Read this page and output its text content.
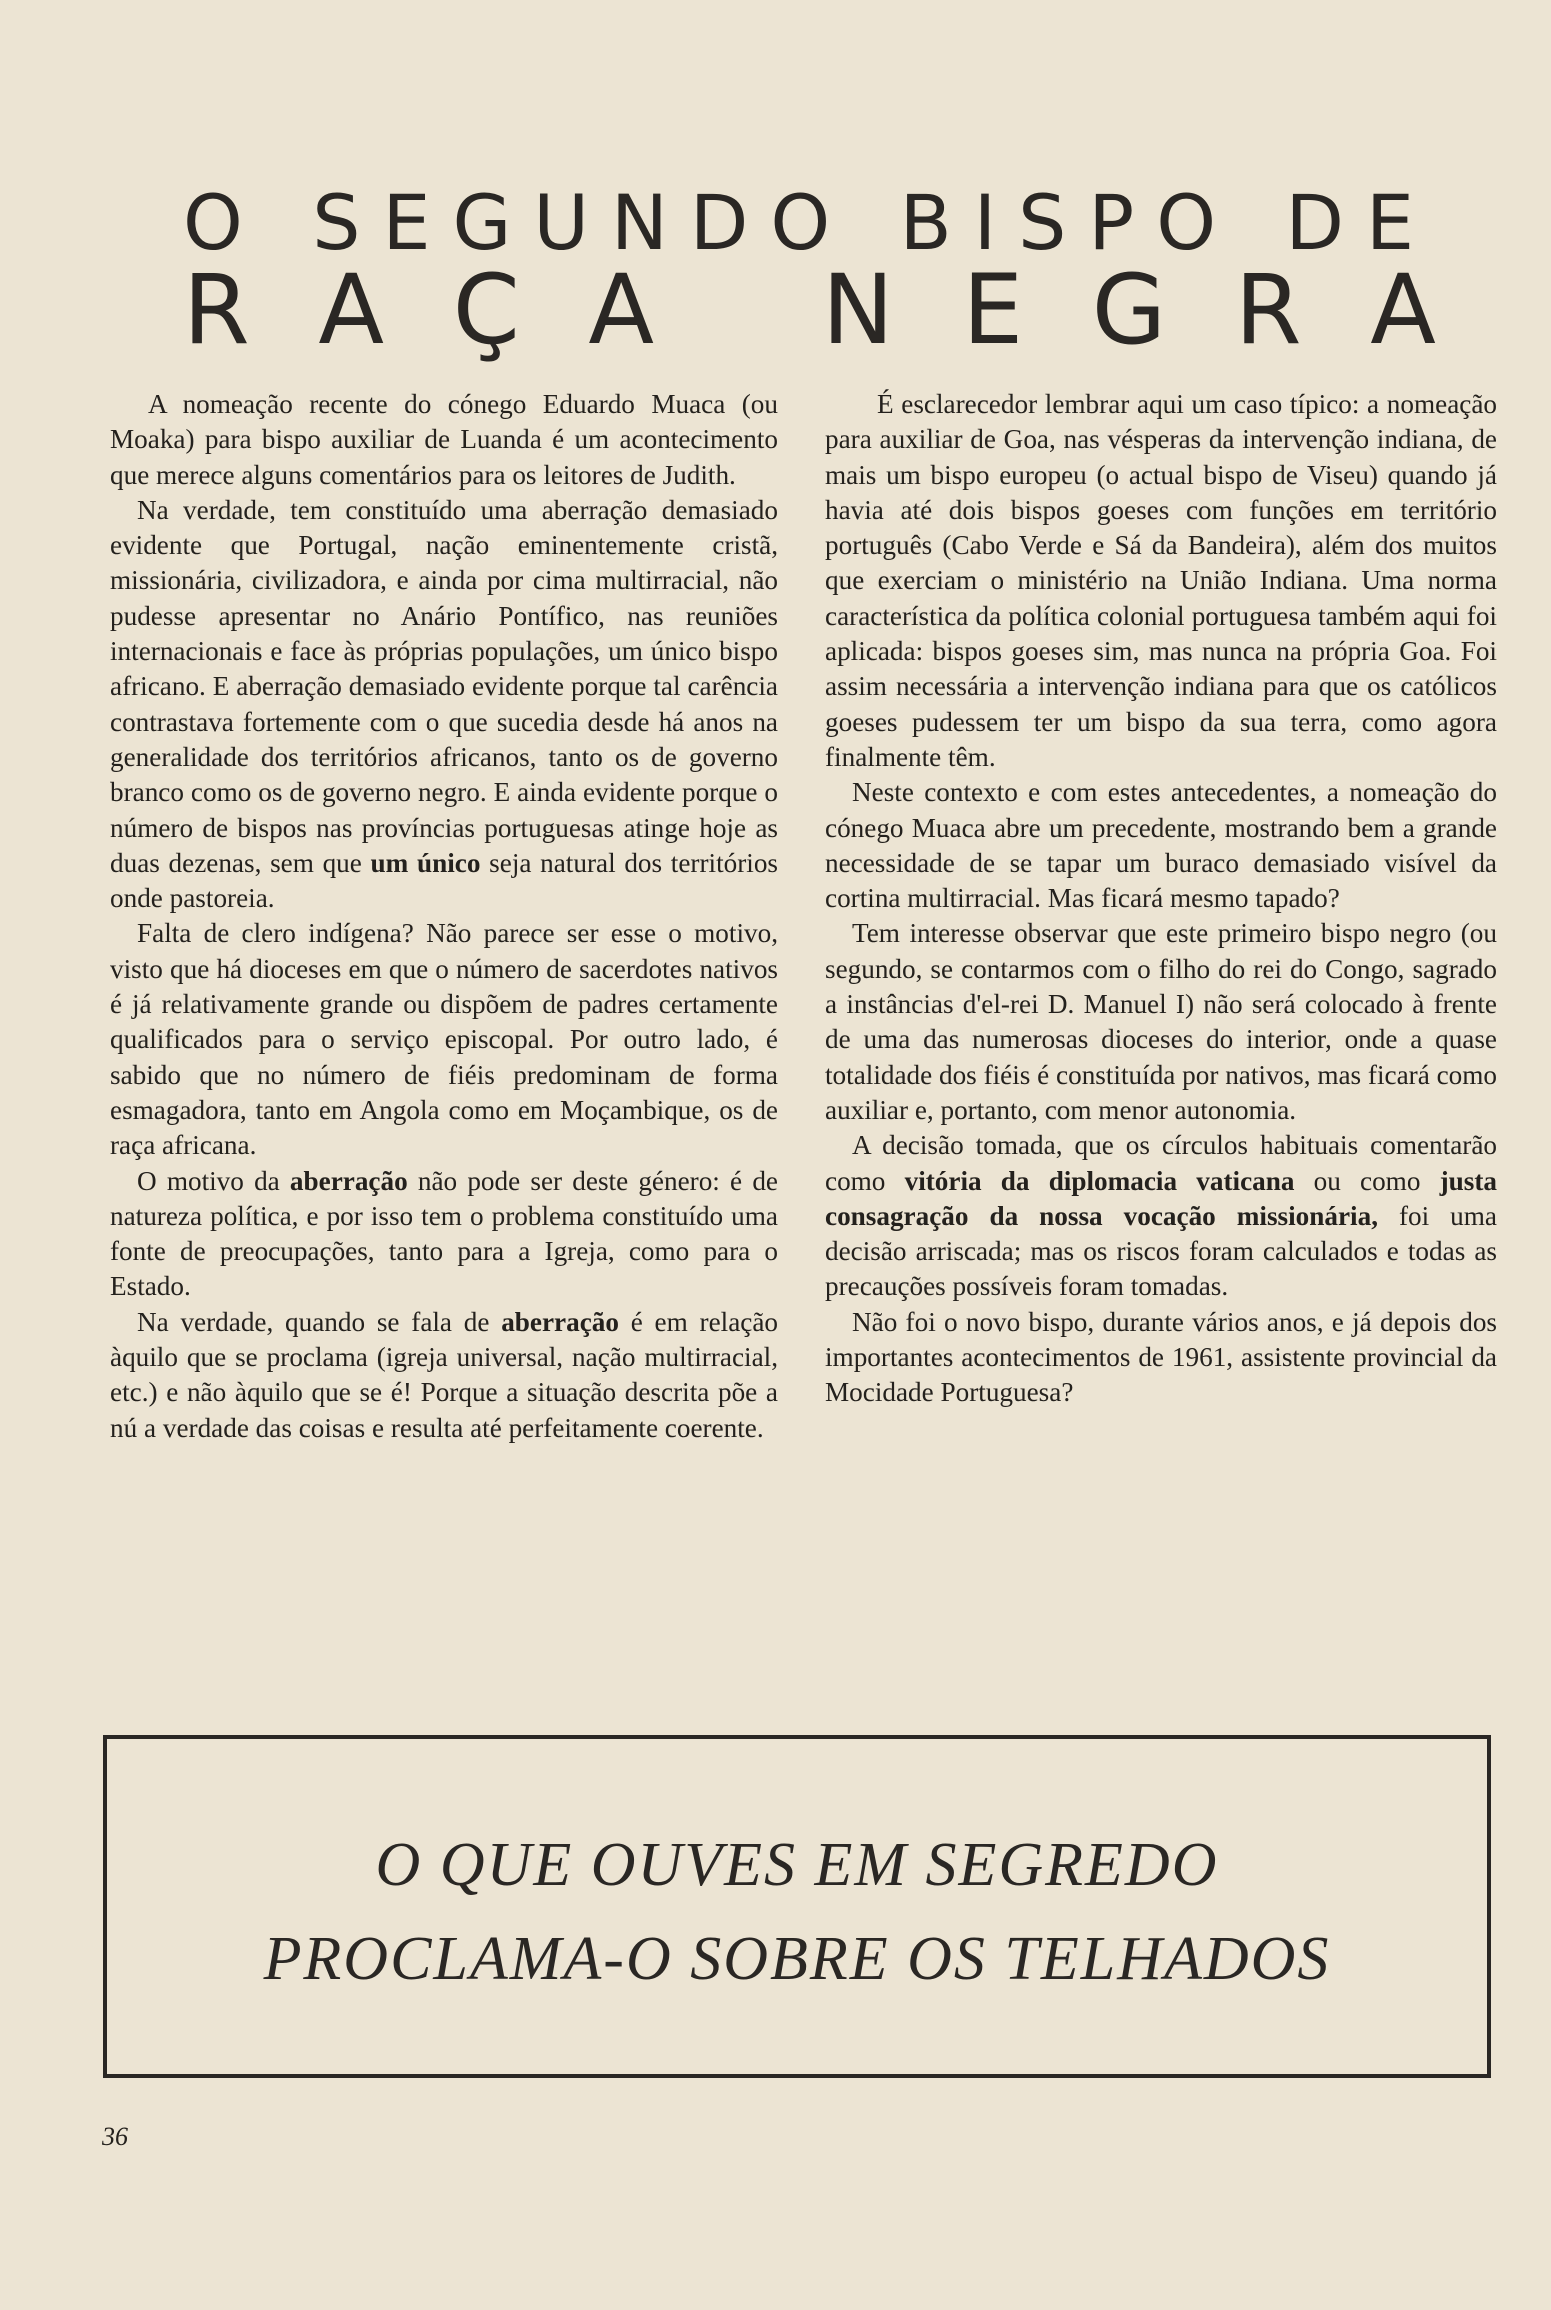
O SEGUNDO BISPO DE
R A Ç A
N E G R A

A nomeação recente do cónego Eduardo Muaca (ou Moaka) para bispo auxiliar de Luanda é um acontecimento que merece alguns comentários para os leitores de Judith.

Na verdade, tem constituído uma aberração demasiado evidente que Portugal, nação eminentemente cristã, missionária, civilizadora, e ainda por cima multirracial, não pudesse apresentar no Anário Pontífico, nas reuniões internacionais e face às próprias populações, um único bispo africano. E aberração demasiado evidente porque tal carência contrastava fortemente com o que sucedia desde há anos na generalidade dos territórios africanos, tanto os de governo branco como os de governo negro. E ainda evidente porque o número de bispos nas províncias portuguesas atinge hoje as duas dezenas, sem que um único seja natural dos territórios onde pastoreia.

Falta de clero indígena? Não parece ser esse o motivo, visto que há dioceses em que o número de sacerdotes nativos é já relativamente grande ou dispõem de padres certamente qualificados para o serviço episcopal. Por outro lado, é sabido que no número de fiéis predominam de forma esmagadora, tanto em Angola como em Moçambique, os de raça africana.

O motivo da aberração não pode ser deste género: é de natureza política, e por isso tem o problema constituído uma fonte de preocupações, tanto para a Igreja, como para o Estado.

Na verdade, quando se fala de aberração é em relação àquilo que se proclama (igreja universal, nação multirracial, etc.) e não àquilo que se é! Porque a situação descrita põe a nú a verdade das coisas e resulta até perfeitamente coerente.

É esclarecedor lembrar aqui um caso típico: a nomeação para auxiliar de Goa, nas vésperas da intervenção indiana, de mais um bispo europeu (o actual bispo de Viseu) quando já havia até dois bispos goeses com funções em território português (Cabo Verde e Sá da Bandeira), além dos muitos que exerciam o ministério na União Indiana. Uma norma característica da política colonial portuguesa também aqui foi aplicada: bispos goeses sim, mas nunca na própria Goa. Foi assim necessária a intervenção indiana para que os católicos goeses pudessem ter um bispo da sua terra, como agora finalmente têm.

Neste contexto e com estes antecedentes, a nomeação do cónego Muaca abre um precedente, mostrando bem a grande necessidade de se tapar um buraco demasiado visível da cortina multirracial. Mas ficará mesmo tapado?

Tem interesse observar que este primeiro bispo negro (ou segundo, se contarmos com o filho do rei do Congo, sagrado a instâncias d'el-rei D. Manuel I) não será colocado à frente de uma das numerosas dioceses do interior, onde a quase totalidade dos fiéis é constituída por nativos, mas ficará como auxiliar e, portanto, com menor autonomia.

A decisão tomada, que os círculos habituais comentarão como vitória da diplomacia vaticana ou como justa consagração da nossa vocação missionária, foi uma decisão arriscada; mas os riscos foram calculados e todas as precauções possíveis foram tomadas.

Não foi o novo bispo, durante vários anos, e já depois dos importantes acontecimentos de 1961, assistente provincial da Mocidade Portuguesa?

O QUE OUVES EM SEGREDO
PROCLAMA-O SOBRE OS TELHADOS
36
